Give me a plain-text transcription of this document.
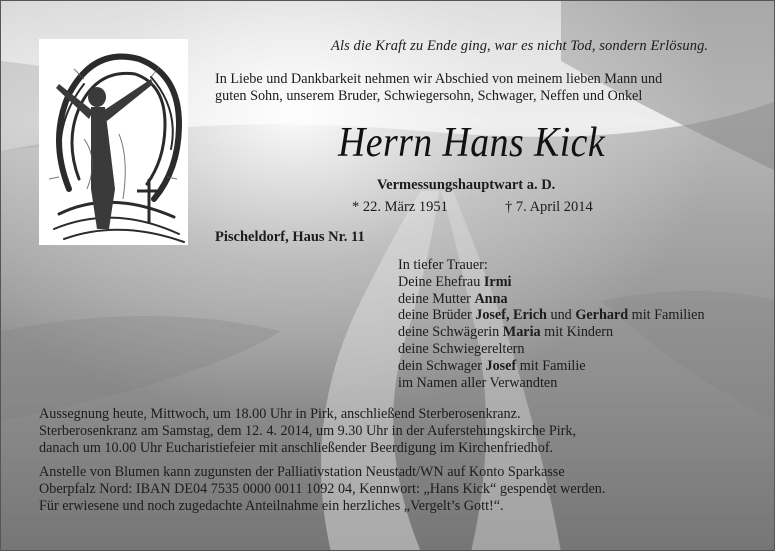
Als die Kraft zu Ende ging, war es nicht Tod, sondern Erlösung.
In Liebe und Dankbarkeit nehmen wir Abschied von meinem lieben Mann und
guten Sohn, unserem Bruder, Schwiegersohn, Schwager, Neffen und Onkel
Herrn Hans Kick
Vermessungshauptwart a. D.
* 22. März 1951	† 7. April 2014
Pischeldorf, Haus Nr. 11
In tiefer Trauer:
Deine Ehefrau Irmi
deine Mutter Anna
deine Brüder Josef, Erich und Gerhard mit Familien
deine Schwägerin Maria mit Kindern
deine Schwiegereltern
dein Schwager Josef mit Familie
im Namen aller Verwandten
Aussegnung heute, Mittwoch, um 18.00 Uhr in Pirk, anschließend Sterberosenkranz.
Sterberosenkranz am Samstag, dem 12. 4. 2014, um 9.30 Uhr in der Auferstehungskirche Pirk,
danach um 10.00 Uhr Eucharistiefeier mit anschließender Beerdigung im Kirchenfriedhof.
Anstelle von Blumen kann zugunsten der Palliativstation Neustadt/WN auf Konto Sparkasse
Oberpfalz Nord: IBAN DE04 7535 0000 0011 1092 04, Kennwort: „Hans Kick“ gespendet werden.
Für erwiesene und noch zugedachte Anteilnahme ein herzliches „Vergelt’s Gott!“.
